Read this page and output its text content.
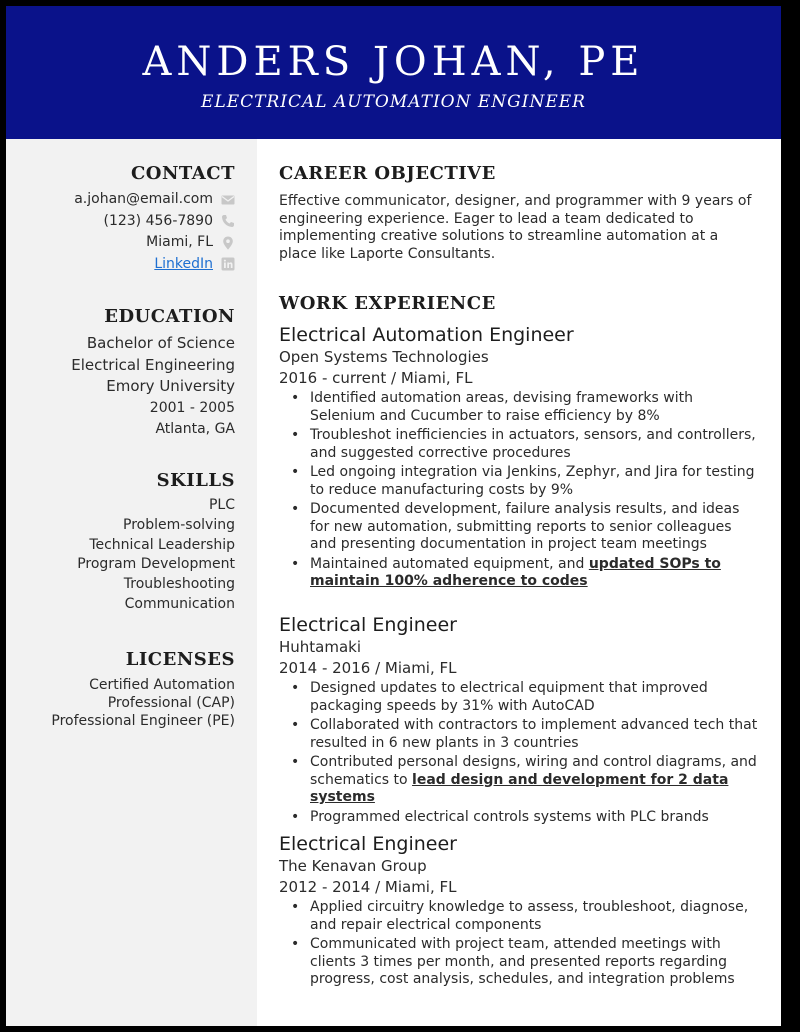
ANDERS JOHAN, PE
ELECTRICAL AUTOMATION ENGINEER
CONTACT
a.johan@email.com
(123) 456-7890
Miami, FL
LinkedIn
EDUCATION
Bachelor of Science
Electrical Engineering
Emory University
2001 - 2005
Atlanta, GA
SKILLS
PLC
Problem-solving
Technical Leadership
Program Development
Troubleshooting
Communication
LICENSES
Certified Automation
Professional (CAP)
Professional Engineer (PE)
CAREER OBJECTIVE
Effective communicator, designer, and programmer with 9 years of engineering experience. Eager to lead a team dedicated to implementing creative solutions to streamline automation at a place like Laporte Consultants.
WORK EXPERIENCE
Electrical Automation Engineer
Open Systems Technologies
2016 - current / Miami, FL
• Identified automation areas, devising frameworks with Selenium and Cucumber to raise efficiency by 8%
• Troubleshot inefficiencies in actuators, sensors, and controllers, and suggested corrective procedures
• Led ongoing integration via Jenkins, Zephyr, and Jira for testing to reduce manufacturing costs by 9%
• Documented development, failure analysis results, and ideas for new automation, submitting reports to senior colleagues and presenting documentation in project team meetings
• Maintained automated equipment, and updated SOPs to maintain 100% adherence to codes
Electrical Engineer
Huhtamaki
2014 - 2016 / Miami, FL
• Designed updates to electrical equipment that improved packaging speeds by 31% with AutoCAD
• Collaborated with contractors to implement advanced tech that resulted in 6 new plants in 3 countries
• Contributed personal designs, wiring and control diagrams, and schematics to lead design and development for 2 data systems
• Programmed electrical controls systems with PLC brands
Electrical Engineer
The Kenavan Group
2012 - 2014 / Miami, FL
• Applied circuitry knowledge to assess, troubleshoot, diagnose, and repair electrical components
• Communicated with project team, attended meetings with clients 3 times per month, and presented reports regarding progress, cost analysis, schedules, and integration problems
